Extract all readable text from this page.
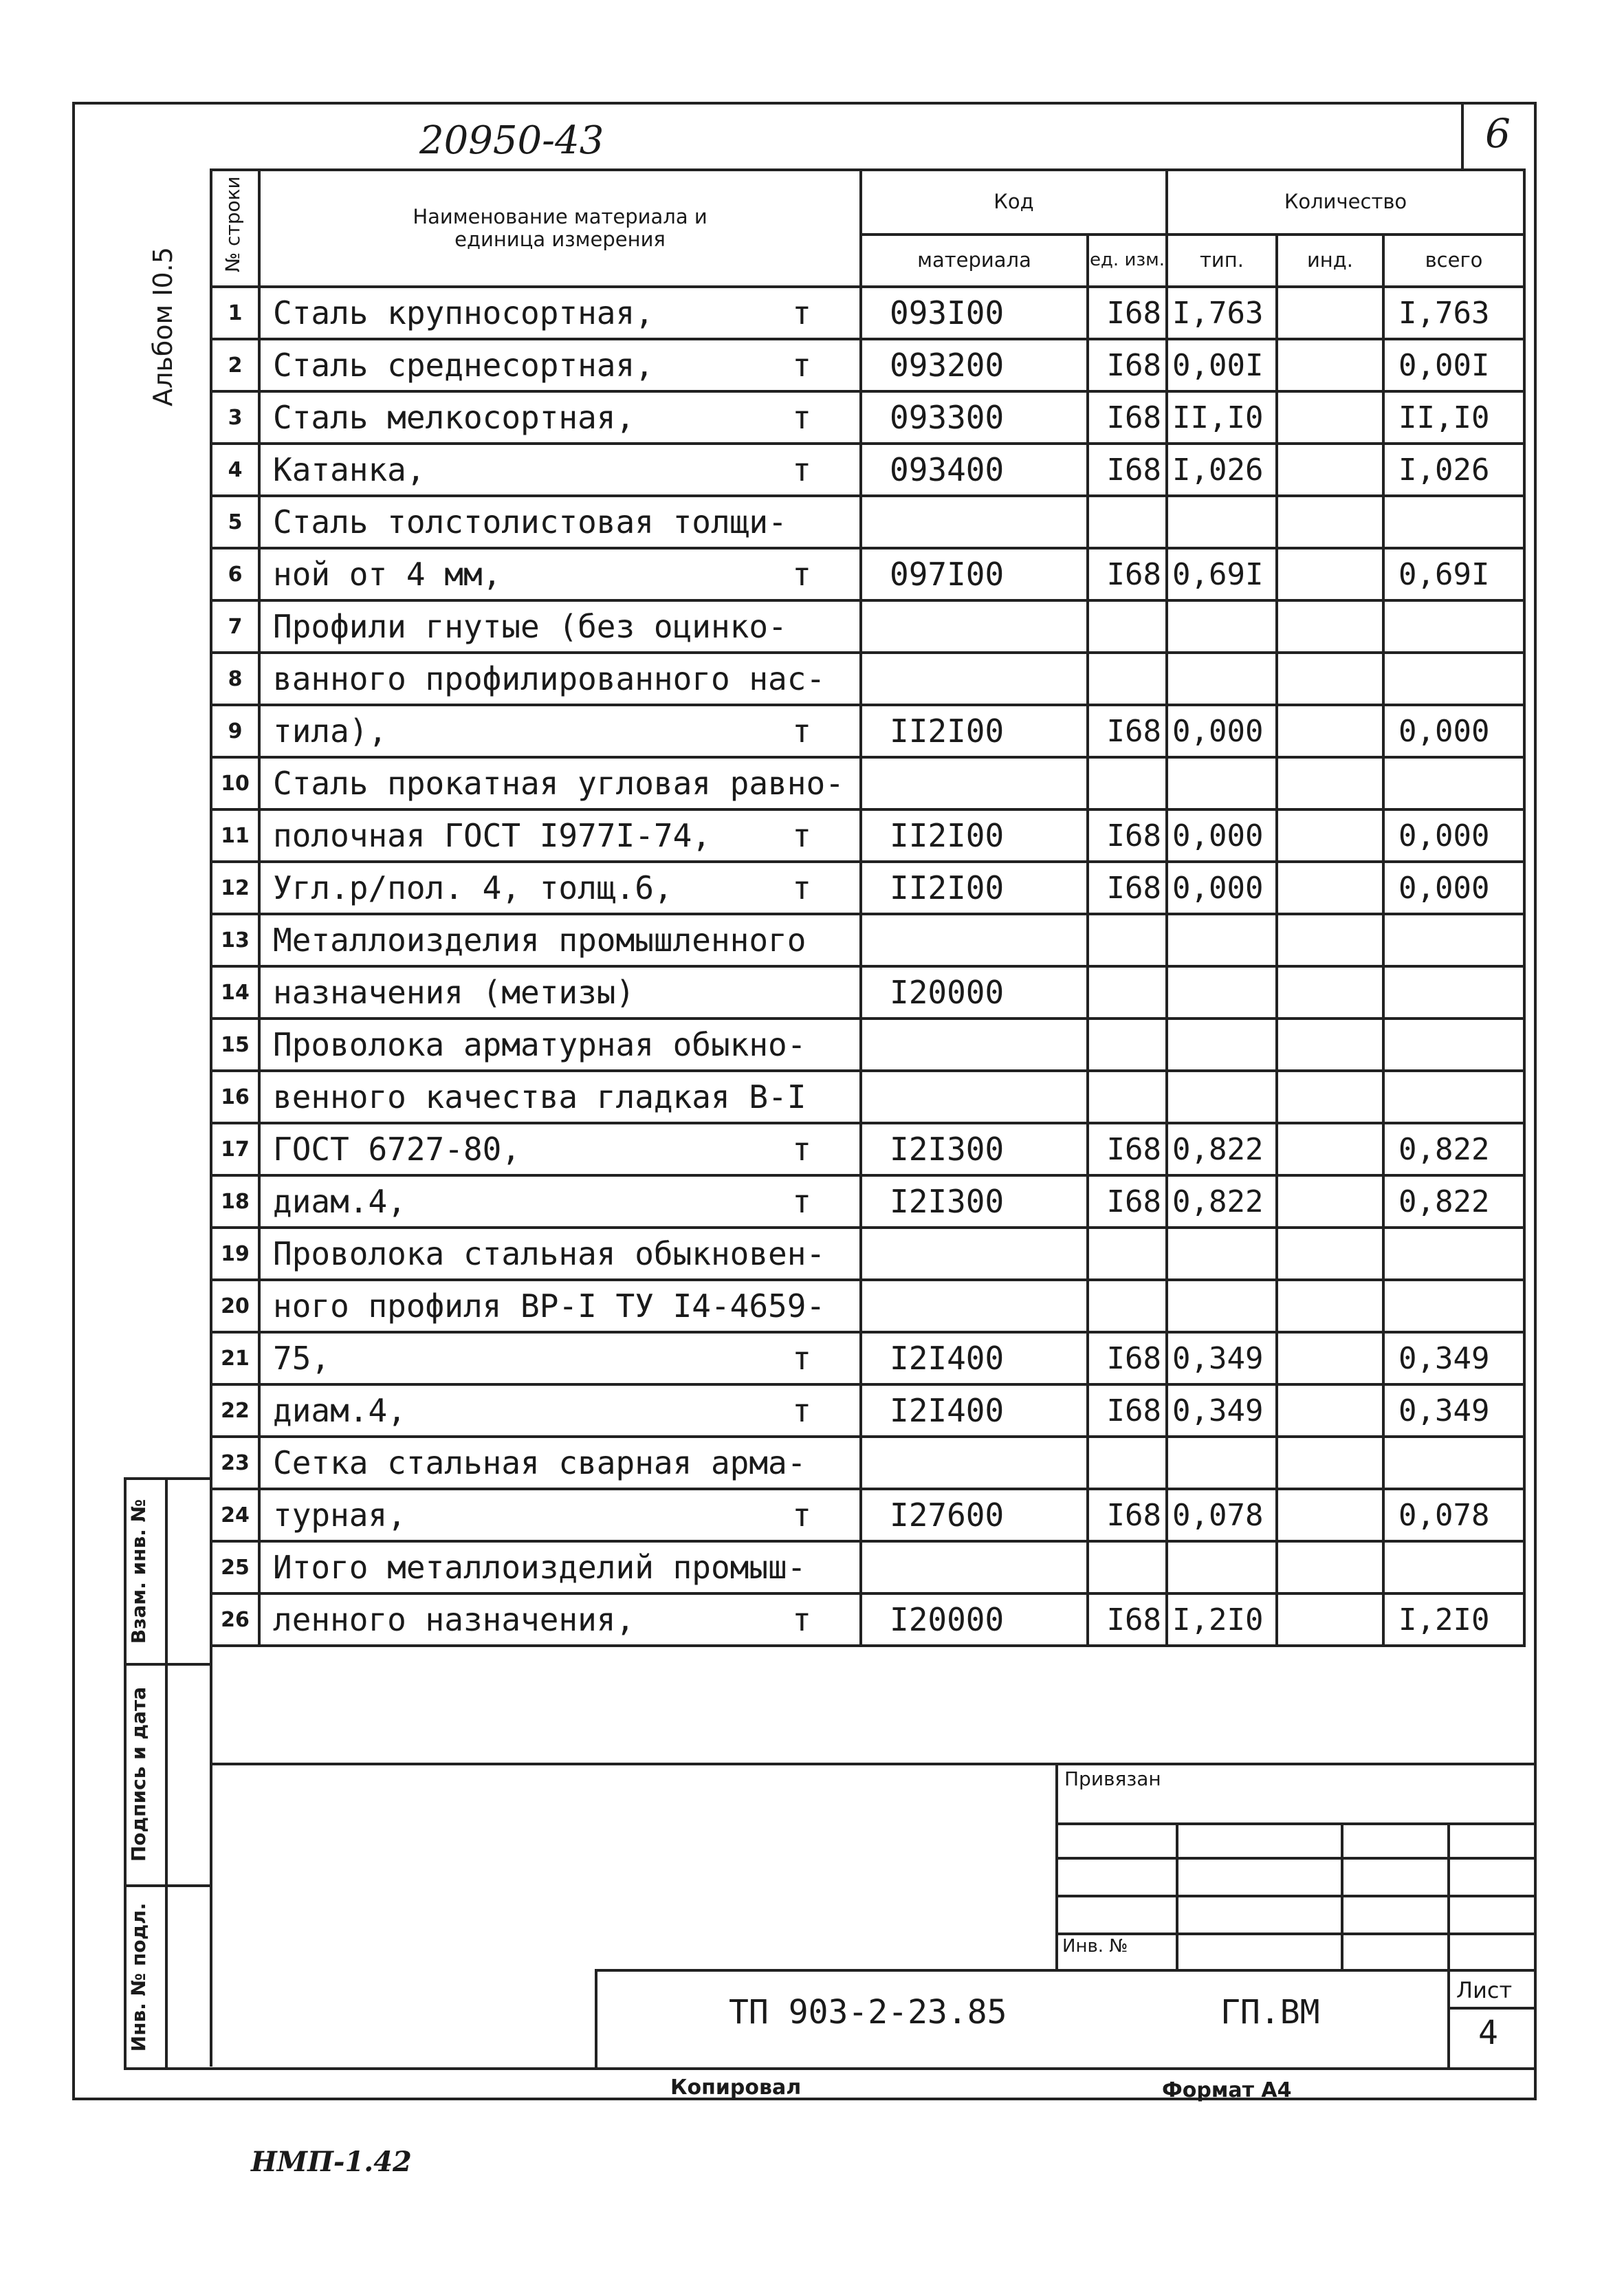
20950-43	6
Альбом I0.5
№ строки	Наименование материала и единица измерения	Код		Количество		
		материала	ед. изм.	тип.	инд.	всего
1	Сталь крупносортная, т	093I00	I68	I,763		I,763
2	Сталь среднесортная, т	093200	I68	0,00I		0,00I
3	Сталь мелкосортная, т	093300	I68	II,I0		II,I0
4	Катанка, т	093400	I68	I,026		I,026
5	Сталь толстолистовая толщи-

6	ной от 4 мм, т	097I00	I68	0,69I		0,69I
7	Профили гнутые (без оцинко-

8	ванного профилированного нас-

9	тила), т	II2I00	I68	0,000		0,000
10	Сталь прокатная угловая равно-

11	полочная ГОСТ I977I-74, т	II2I00	I68	0,000		0,000
12	Угл.р/пол. 4, толщ.6, т	II2I00	I68	0,000		0,000
13	Металлоизделия промышленного

14	назначения (метизы)	I20000				
15	Проволока арматурная обыкно-

16	венного качества гладкая В-I

17	ГОСТ 6727-80, т	I2I300	I68	0,822		0,822
18	диам.4, т	I2I300	I68	0,822		0,822
19	Проволока стальная обыкновен-

20	ного профиля ВР-I ТУ I4-4659-

21	75, т	I2I400	I68	0,349		0,349
22	диам.4, т	I2I400	I68	0,349		0,349
23	Сетка стальная сварная арма-

24	турная, т	I27600	I68	0,078		0,078
25	Итого металлоизделий промыш-

26	ленного назначения, т	I20000	I68	I,2I0		I,2I0
Взам. инв. №
Подпись и дата
Инв. № подл.
Привязан
Инв. №
ТП 903-2-23.85	ГП.ВМ
Лист
4
Копировал	Формат А4
НМП-1.42
